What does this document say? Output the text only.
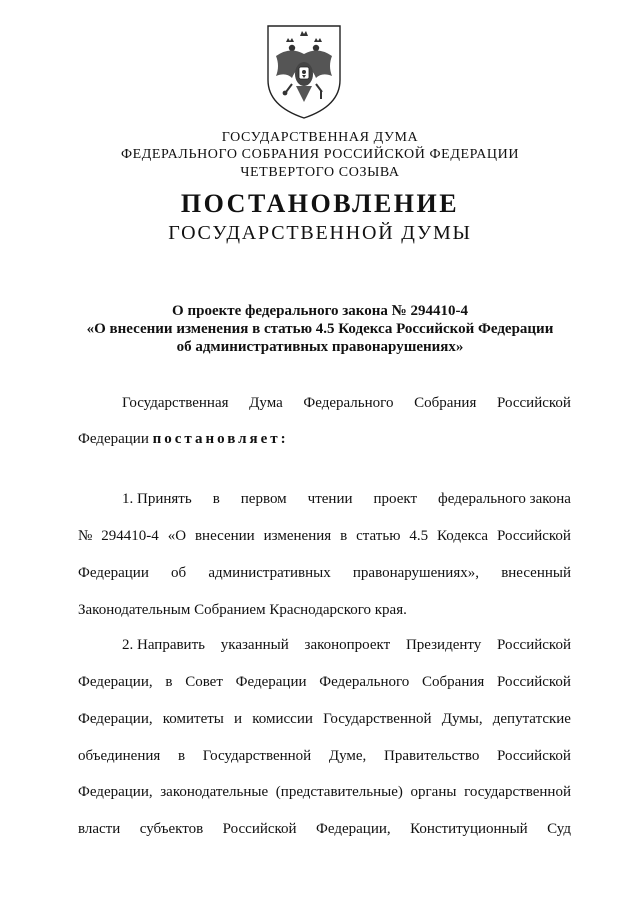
ГОСУДАРСТВЕННАЯ ДУМА
ФЕДЕРАЛЬНОГО СОБРАНИЯ РОССИЙСКОЙ ФЕДЕРАЦИИ
ЧЕТВЕРТОГО СОЗЫВА
ПОСТАНОВЛЕНИЕ
ГОСУДАРСТВЕННОЙ ДУМЫ
О проекте федерального закона № 294410-4
«О внесении изменения в статью 4.5 Кодекса Российской Федерации
об административных правонарушениях»
Государственная Дума Федерального Собрания Российской
Федерации постановляет:
1. Принять в первом чтении проект федерального закона
№ 294410-4 «О внесении изменения в статью 4.5 Кодекса Российской
Федерации об административных правонарушениях», внесенный
Законодательным Собранием Краснодарского края.
2. Направить указанный законопроект Президенту Российской
Федерации, в Совет Федерации Федерального Собрания Российской
Федерации, комитеты и комиссии Государственной Думы, депутатские
объединения в Государственной Думе, Правительство Российской
Федерации, законодательные (представительные) органы государственной
власти субъектов Российской Федерации, Конституционный Суд
